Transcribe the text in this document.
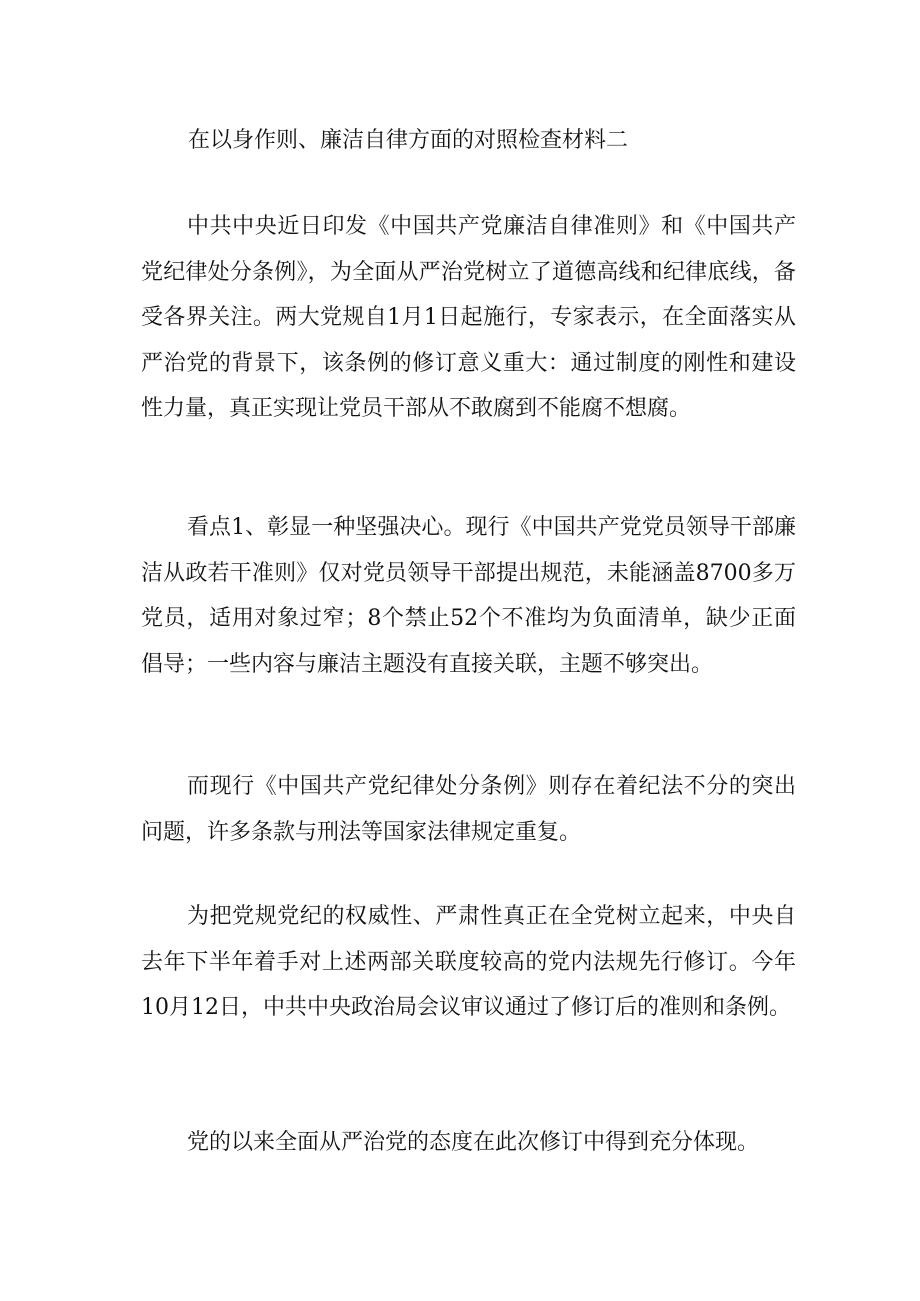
在以身作则、廉洁自律方面的对照检查材料二

中共中央近日印发《中国共产党廉洁自律准则》和《中国共产党纪律处分条例》，为全面从严治党树立了道德高线和纪律底线，备受各界关注。两大党规自1月1日起施行，专家表示，在全面落实从严治党的背景下，该条例的修订意义重大：通过制度的刚性和建设性力量，真正实现让党员干部从不敢腐到不能腐不想腐。

看点1、彰显一种坚强决心。现行《中国共产党党员领导干部廉洁从政若干准则》仅对党员领导干部提出规范，未能涵盖8700多万党员，适用对象过窄；8个禁止52个不准均为负面清单，缺少正面倡导；一些内容与廉洁主题没有直接关联，主题不够突出。

而现行《中国共产党纪律处分条例》则存在着纪法不分的突出问题，许多条款与刑法等国家法律规定重复。

为把党规党纪的权威性、严肃性真正在全党树立起来，中央自去年下半年着手对上述两部关联度较高的党内法规先行修订。今年10月12日，中共中央政治局会议审议通过了修订后的准则和条例。

党的以来全面从严治党的态度在此次修订中得到充分体现。
